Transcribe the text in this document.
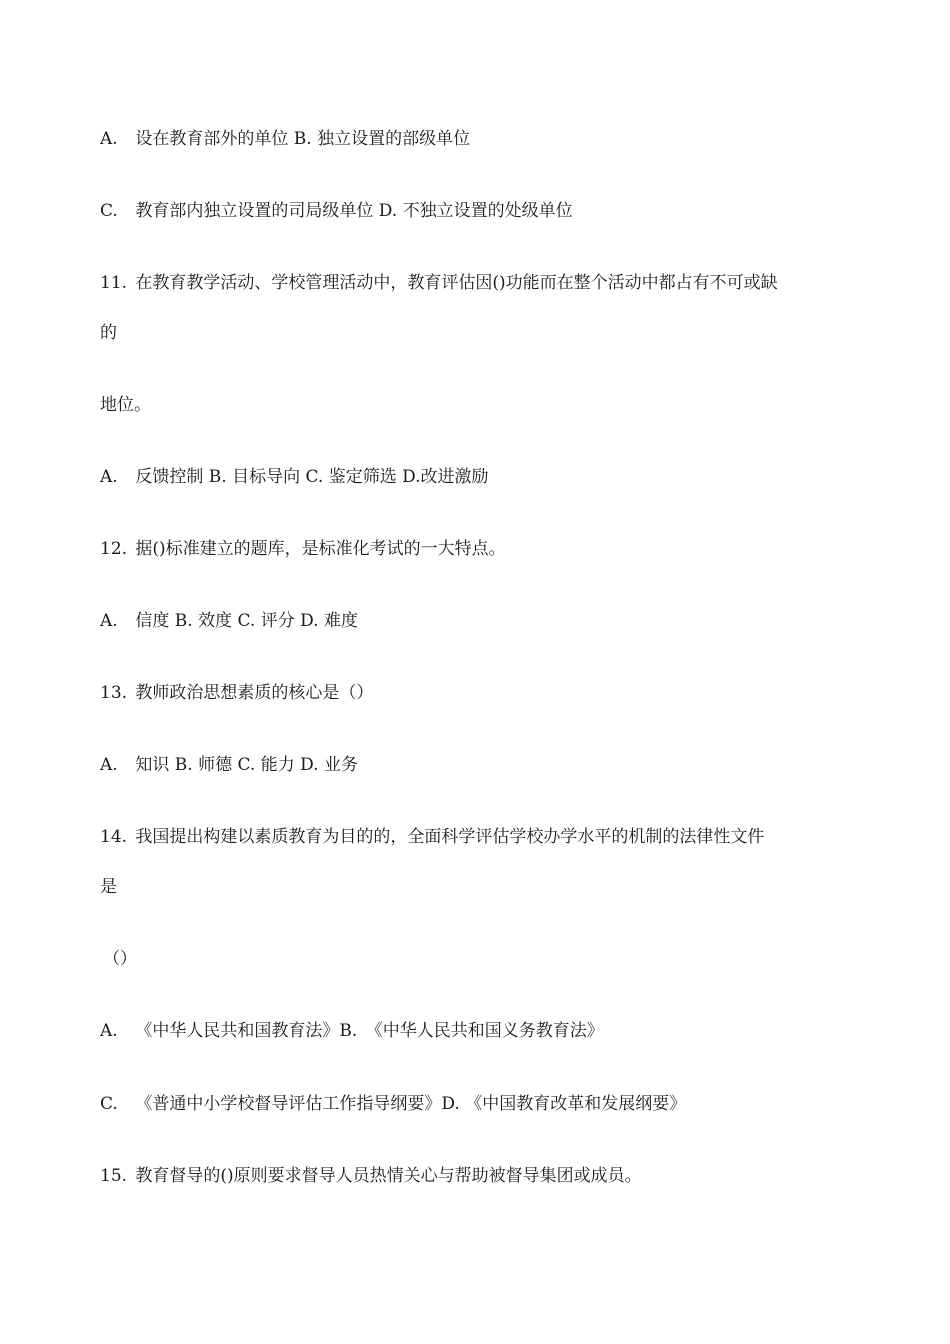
A. 设在教育部外的单位 B. 独立设置的部级单位
C. 教育部内独立设置的司局级单位 D. 不独立设置的处级单位
11. 在教育教学活动、学校管理活动中，教育评估因()功能而在整个活动中都占有不可或缺
的
地位。
A. 反馈控制 B. 目标导向 C. 鉴定筛选 D.改进激励
12. 据()标准建立的题库，是标准化考试的一大特点。
A. 信度 B. 效度 C. 评分 D. 难度
13. 教师政治思想素质的核心是（）
A. 知识 B. 师德 C. 能力 D. 业务
14. 我国提出构建以素质教育为目的的，全面科学评估学校办学水平的机制的法律性文件
是
（）
A. 《中华人民共和国教育法》B.　《中华人民共和国义务教育法》
C. 《普通中小学校督导评估工作指导纲要》D. 《中国教育改革和发展纲要》
15. 教育督导的()原则要求督导人员热情关心与帮助被督导集团或成员。
